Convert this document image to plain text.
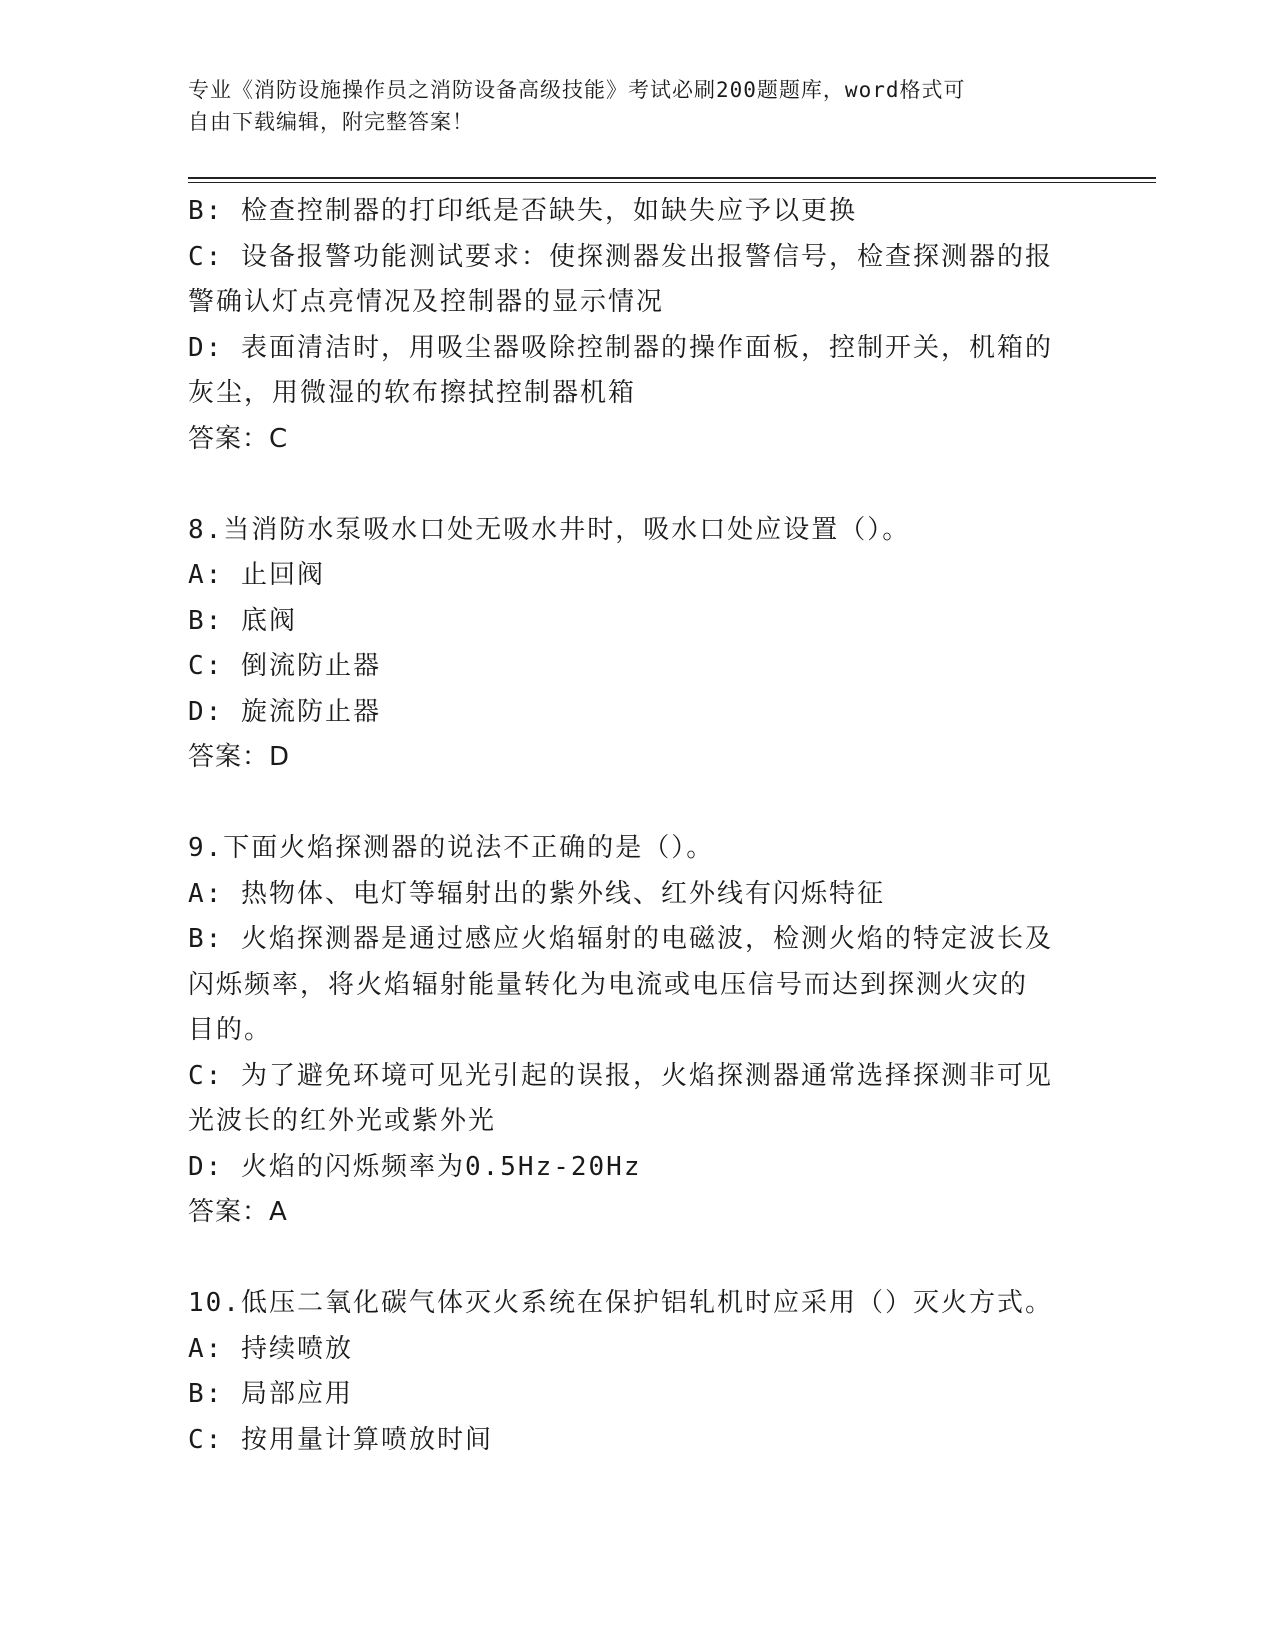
专业《消防设施操作员之消防设备高级技能》考试必刷200题题库，word格式可
自由下载编辑，附完整答案！

B: 检查控制器的打印纸是否缺失，如缺失应予以更换

C: 设备报警功能测试要求：使探测器发出报警信号，检查探测器的报

警确认灯点亮情况及控制器的显示情况

D: 表面清洁时，用吸尘器吸除控制器的操作面板，控制开关，机箱的

灰尘，用微湿的软布擦拭控制器机箱

答案：C

8.当消防水泵吸水口处无吸水井时，吸水口处应设置（）。

A: 止回阀

B: 底阀

C: 倒流防止器

D: 旋流防止器

答案：D

9.下面火焰探测器的说法不正确的是（）。

A: 热物体、电灯等辐射出的紫外线、红外线有闪烁特征

B: 火焰探测器是通过感应火焰辐射的电磁波，检测火焰的特定波长及

闪烁频率，将火焰辐射能量转化为电流或电压信号而达到探测火灾的

目的。

C: 为了避免环境可见光引起的误报，火焰探测器通常选择探测非可见

光波长的红外光或紫外光

D: 火焰的闪烁频率为0.5Hz-20Hz

答案：A

10.低压二氧化碳气体灭火系统在保护铝轧机时应采用（）灭火方式。

A: 持续喷放

B: 局部应用

C: 按用量计算喷放时间
